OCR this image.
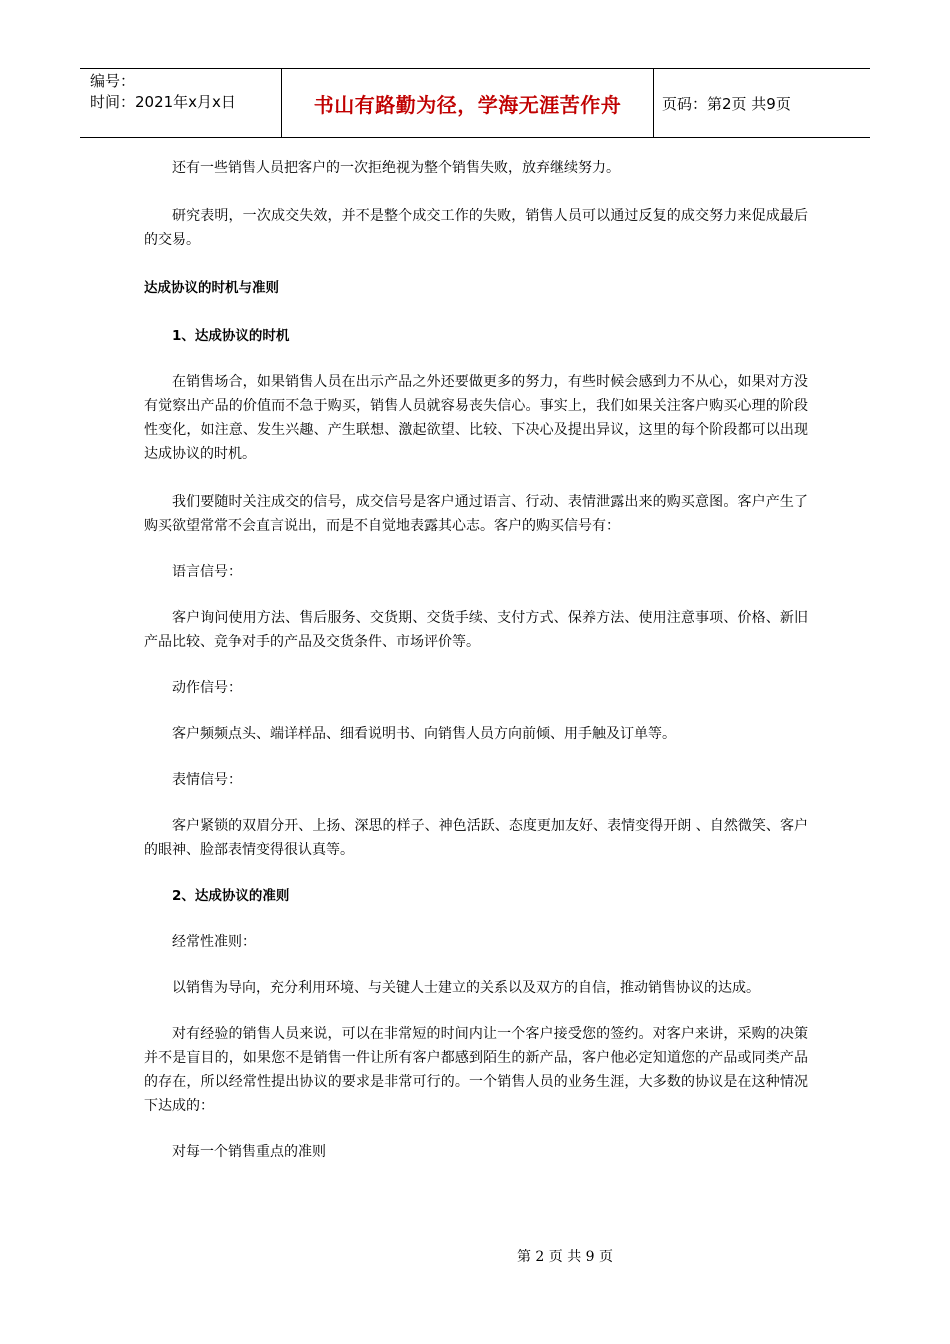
编号：
时间：2021年x月x日	书山有路勤为径，学海无涯苦作舟	页码：第2页 共9页

还有一些销售人员把客户的一次拒绝视为整个销售失败，放弃继续努力。

研究表明，一次成交失效，并不是整个成交工作的失败，销售人员可以通过反复的成交努力来促成最后的交易。

达成协议的时机与准则

1、达成协议的时机

在销售场合，如果销售人员在出示产品之外还要做更多的努力，有些时候会感到力不从心，如果对方没有觉察出产品的价值而不急于购买，销售人员就容易丧失信心。事实上，我们如果关注客户购买心理的阶段性变化，如注意、发生兴趣、产生联想、激起欲望、比较、下决心及提出异议，这里的每个阶段都可以出现达成协议的时机。

我们要随时关注成交的信号，成交信号是客户通过语言、行动、表情泄露出来的购买意图。客户产生了购买欲望常常不会直言说出，而是不自觉地表露其心志。客户的购买信号有：

语言信号：

客户询问使用方法、售后服务、交货期、交货手续、支付方式、保养方法、使用注意事项、价格、新旧产品比较、竞争对手的产品及交货条件、市场评价等。

动作信号：

客户频频点头、端详样品、细看说明书、向销售人员方向前倾、用手触及订单等。

表情信号：

客户紧锁的双眉分开、上扬、深思的样子、神色活跃、态度更加友好、表情变得开朗 、自然微笑、客户的眼神、脸部表情变得很认真等。

2、达成协议的准则

经常性准则：

以销售为导向，充分利用环境、与关键人士建立的关系以及双方的自信，推动销售协议的达成。

对有经验的销售人员来说，可以在非常短的时间内让一个客户接受您的签约。对客户来讲，采购的决策并不是盲目的，如果您不是销售一件让所有客户都感到陌生的新产品，客户他必定知道您的产品或同类产品的存在，所以经常性提出协议的要求是非常可行的。一个销售人员的业务生涯，大多数的协议是在这种情况下达成的：

对每一个销售重点的准则

第 2 页 共 9 页
